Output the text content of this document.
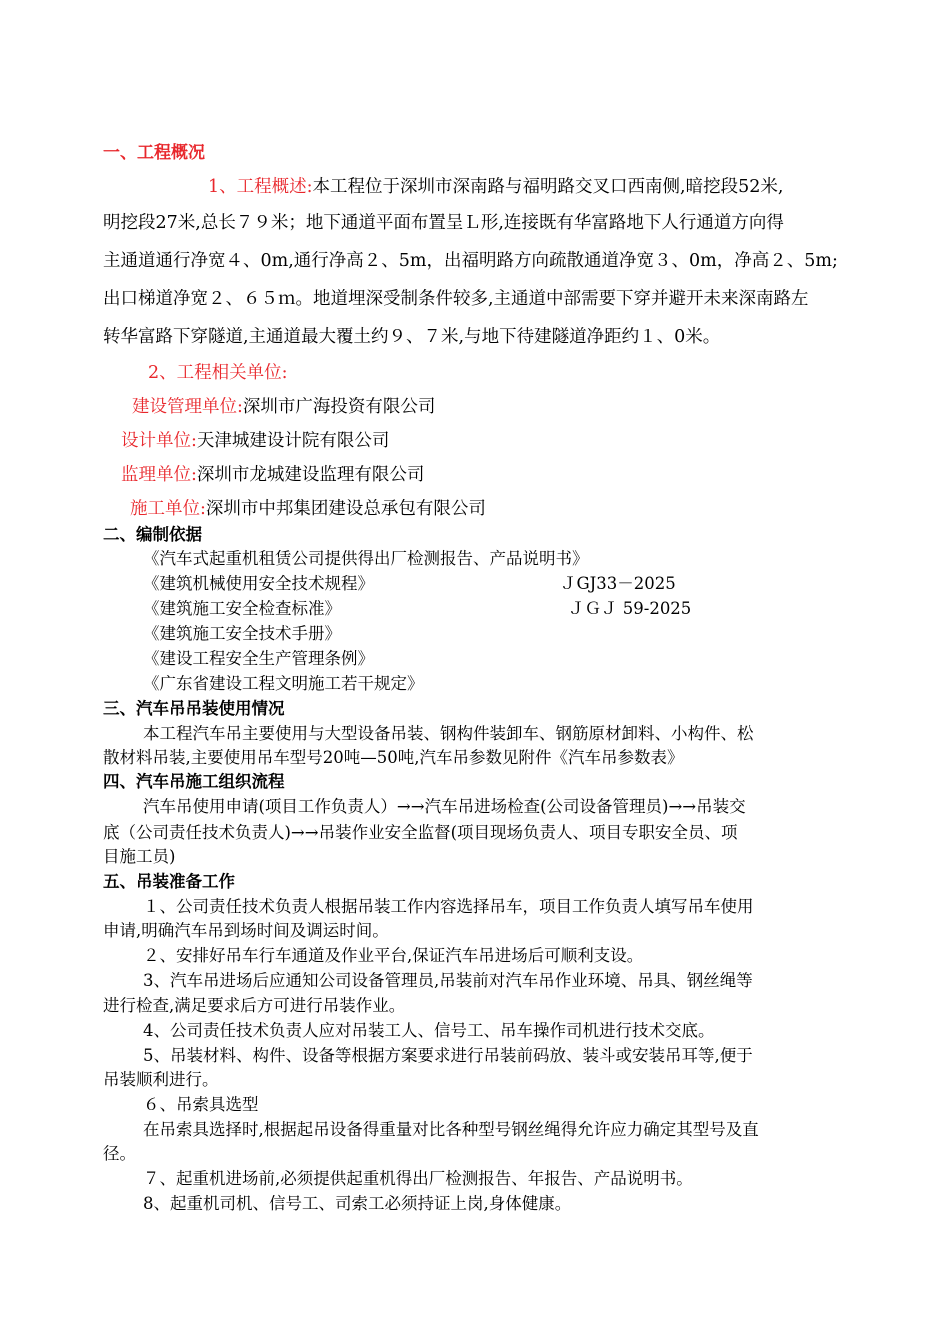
一、工程概况
1、工程概述:本工程位于深圳市深南路与福明路交叉口西南侧,暗挖段52米,
明挖段27米,总长７９米；地下通道平面布置呈Ｌ形,连接既有华富路地下人行通道方向得
主通道通行净宽４、0m,通行净高２、5m，出福明路方向疏散通道净宽３、0m，净高２、5m;
出口梯道净宽２、６５ｍ。地道埋深受制条件较多,主通道中部需要下穿并避开未来深南路左
转华富路下穿隧道,主通道最大覆土约９、７米,与地下待建隧道净距约１、0米。
2、工程相关单位:
建设管理单位:深圳市广海投资有限公司
设计单位:天津城建设计院有限公司
监理单位:深圳市龙城建设监理有限公司
施工单位:深圳市中邦集团建设总承包有限公司
二、编制依据
《汽车式起重机租赁公司提供得出厂检测报告、产品说明书》
《建筑机械使用安全技术规程》	ＪGJ33－2025
《建筑施工安全检查标准》	ＪＧＪ 59-2025
《建筑施工安全技术手册》
《建设工程安全生产管理条例》
《广东省建设工程文明施工若干规定》
三、汽车吊吊装使用情况
本工程汽车吊主要使用与大型设备吊装、钢构件装卸车、钢筋原材卸料、小构件、松
散材料吊装,主要使用吊车型号20吨—50吨,汽车吊参数见附件《汽车吊参数表》
四、汽车吊施工组织流程
汽车吊使用申请(项目工作负责人）→→汽车吊进场检查(公司设备管理员)→→吊装交
底（公司责任技术负责人)→→吊装作业安全监督(项目现场负责人、项目专职安全员、项
目施工员)
五、吊装准备工作
１、公司责任技术负责人根据吊装工作内容选择吊车，项目工作负责人填写吊车使用
申请,明确汽车吊到场时间及调运时间。
２、安排好吊车行车通道及作业平台,保证汽车吊进场后可顺利支设。
3、汽车吊进场后应通知公司设备管理员,吊装前对汽车吊作业环境、吊具、钢丝绳等
进行检查,满足要求后方可进行吊装作业。
4、公司责任技术负责人应对吊装工人、信号工、吊车操作司机进行技术交底。
5、吊装材料、构件、设备等根据方案要求进行吊装前码放、装斗或安装吊耳等,便于
吊装顺利进行。
６、吊索具选型
在吊索具选择时,根据起吊设备得重量对比各种型号钢丝绳得允许应力确定其型号及直
径。
７、起重机进场前,必须提供起重机得出厂检测报告、年报告、产品说明书。
8、起重机司机、信号工、司索工必须持证上岗,身体健康。
